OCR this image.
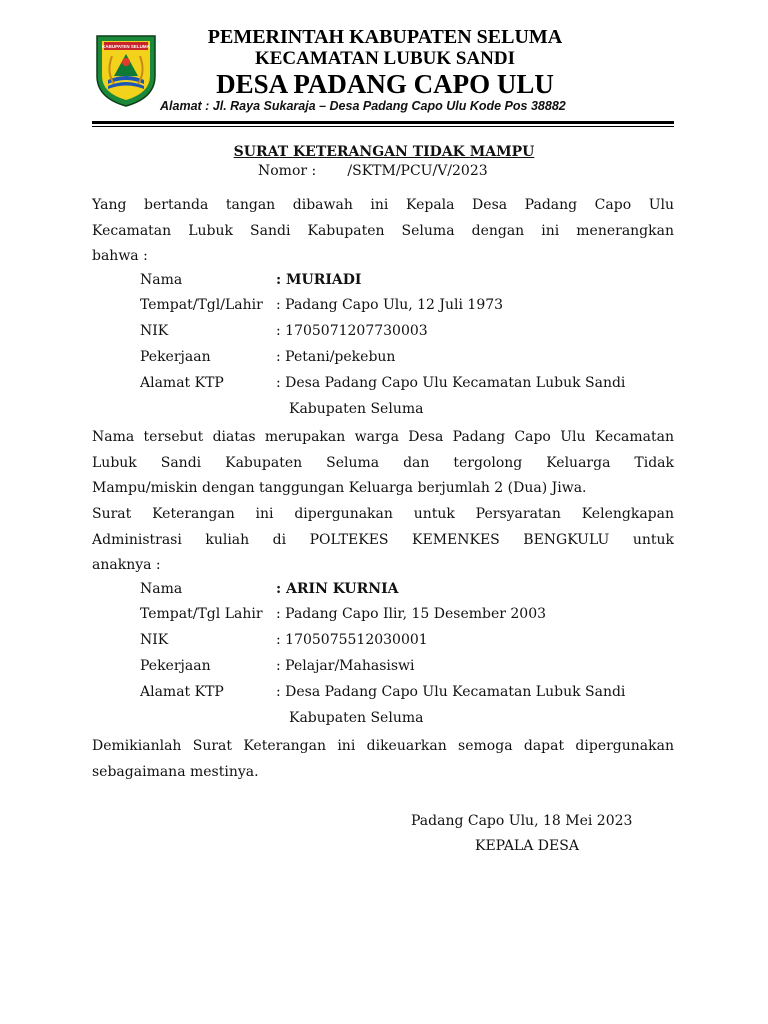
KABUPATEN SELUMA	PEMERINTAH KABUPATEN SELUMA
KECAMATAN LUBUK SANDI
DESA PADANG CAPO ULU
Alamat : Jl. Raya Sukaraja – Desa Padang Capo Ulu Kode Pos 38882
SURAT KETERANGAN TIDAK MAMPU
Nomor :       /SKTM/PCU/V/2023
Yang bertanda tangan dibawah ini Kepala Desa Padang Capo Ulu
Kecamatan Lubuk Sandi Kabupaten Seluma dengan ini menerangkan
bahwa :
Nama	: MURIADI
Tempat/Tgl/Lahir : Padang Capo Ulu, 12 Juli 1973
NIK	: 1705071207730003
Pekerjaan	: Petani/pekebun
Alamat KTP	: Desa Padang Capo Ulu Kecamatan Lubuk Sandi
Kabupaten Seluma
Nama tersebut diatas merupakan warga Desa Padang Capo Ulu Kecamatan
Lubuk Sandi Kabupaten Seluma dan tergolong Keluarga Tidak
Mampu/miskin dengan tanggungan Keluarga berjumlah 2 (Dua) Jiwa.
Surat Keterangan ini dipergunakan untuk Persyaratan Kelengkapan
Administrasi kuliah di POLTEKES KEMENKES BENGKULU untuk
anaknya :
Nama	: ARIN KURNIA
Tempat/Tgl Lahir : Padang Capo Ilir, 15 Desember 2003
NIK	: 1705075512030001
Pekerjaan	: Pelajar/Mahasiswi
Alamat KTP	: Desa Padang Capo Ulu Kecamatan Lubuk Sandi
Kabupaten Seluma
Demikianlah Surat Keterangan ini dikeuarkan semoga dapat dipergunakan
sebagaimana mestinya.
Padang Capo Ulu, 18 Mei 2023
KEPALA DESA
